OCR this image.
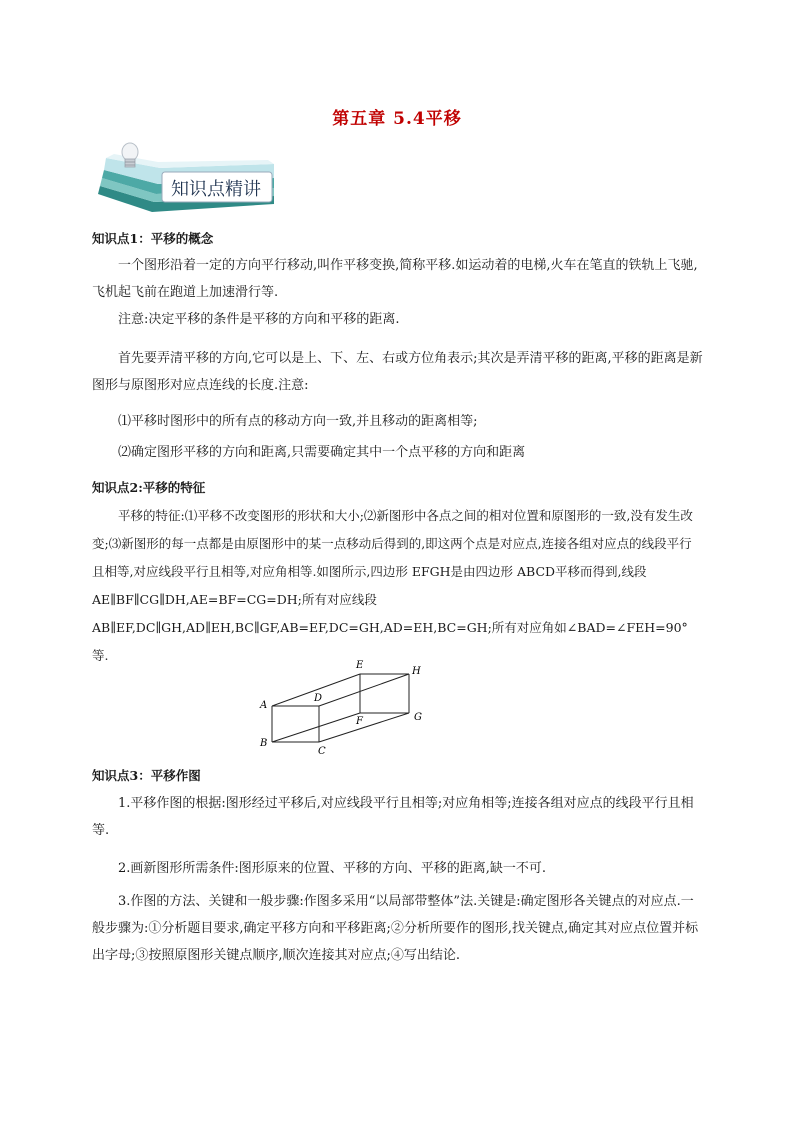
第五章 5.4平移
知识点精讲
知识点1：平移的概念
一个图形沿着一定的方向平行移动,叫作平移变换,简称平移.如运动着的电梯,火车在笔直的铁轨上飞驰,飞机起飞前在跑道上加速滑行等.
注意:决定平移的条件是平移的方向和平移的距离.
首先要弄清平移的方向,它可以是上、下、左、右或方位角表示;其次是弄清平移的距离,平移的距离是新图形与原图形对应点连线的长度.注意:
⑴平移时图形中的所有点的移动方向一致,并且移动的距离相等;
⑵确定图形平移的方向和距离,只需要确定其中一个点平移的方向和距离
知识点2:平移的特征
平移的特征:⑴平移不改变图形的形状和大小;⑵新图形中各点之间的相对位置和原图形的一致,没有发生改变;⑶新图形的每一点都是由原图形中的某一点移动后得到的,即这两个点是对应点,连接各组对应点的线段平行且相等,对应线段平行且相等,对应角相等.如图所示,四边形 EFGH是由四边形 ABCD平移而得到,线段 AE∥BF∥CG∥DH,AE=BF=CG=DH;所有对应线段 AB∥EF,DC∥GH,AD∥EH,BC∥GF,AB=EF,DC=GH,AD=EH,BC=GH;所有对应角如∠BAD=∠FEH=90°等.
A
B
C
D
E
F	G
H
知识点3：平移作图
1.平移作图的根据:图形经过平移后,对应线段平行且相等;对应角相等;连接各组对应点的线段平行且相等.
2.画新图形所需条件:图形原来的位置、平移的方向、平移的距离,缺一不可.
3.作图的方法、关键和一般步骤:作图多采用“以局部带整体”法.关键是:确定图形各关键点的对应点.一般步骤为:①分析题目要求,确定平移方向和平移距离;②分析所要作的图形,找关键点,确定其对应点位置并标出字母;③按照原图形关键点顺序,顺次连接其对应点;④写出结论.
